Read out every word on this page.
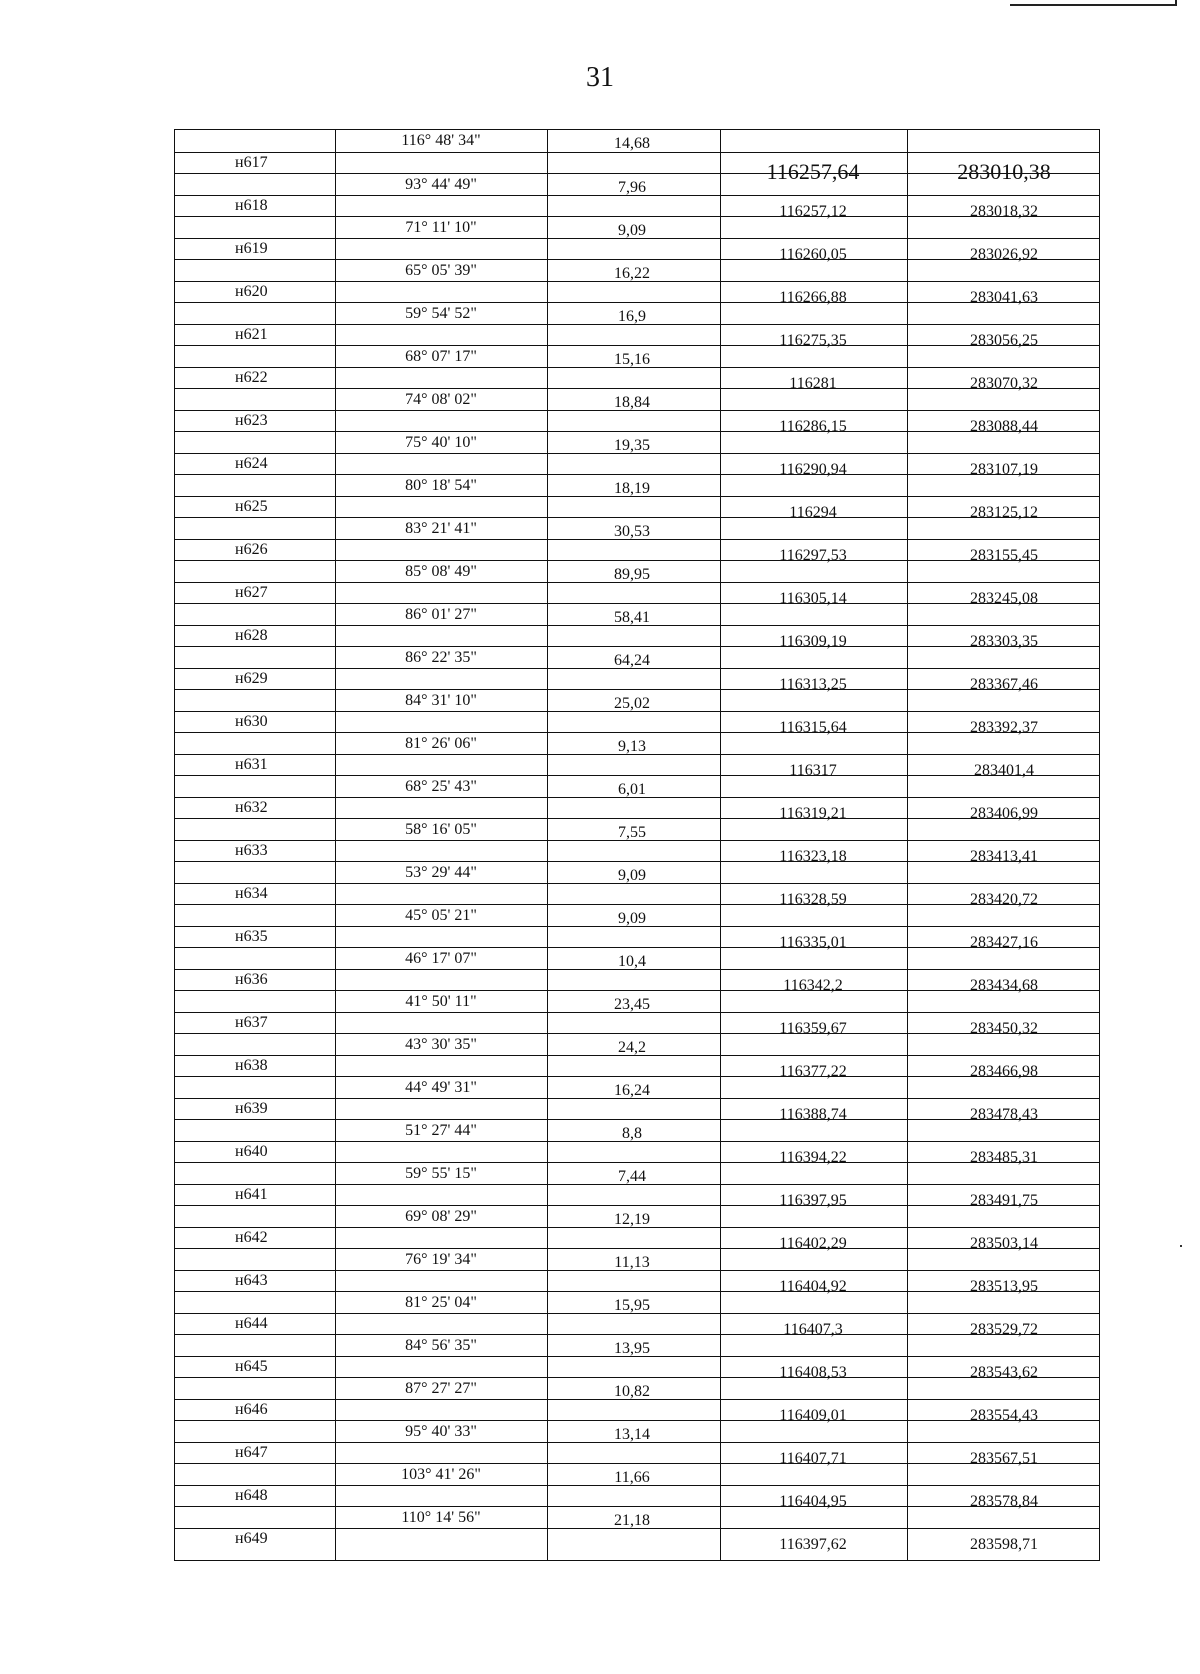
31
116° 48' 34"	14,68
н617	116257,64	283010,38
93° 44' 49"	7,96
н618	116257,12	283018,32
71° 11' 10"	9,09
н619	116260,05	283026,92
65° 05' 39"	16,22
н620	116266,88	283041,63
59° 54' 52"	16,9
н621	116275,35	283056,25
68° 07' 17"	15,16
н622	116281	283070,32
74° 08' 02"	18,84
н623	116286,15	283088,44
75° 40' 10"	19,35
н624	116290,94	283107,19
80° 18' 54"	18,19
н625	116294	283125,12
83° 21' 41"	30,53
н626	116297,53	283155,45
85° 08' 49"	89,95
н627	116305,14	283245,08
86° 01' 27"	58,41
н628	116309,19	283303,35
86° 22' 35"	64,24
н629	116313,25	283367,46
84° 31' 10"	25,02
н630	116315,64	283392,37
81° 26' 06"	9,13
н631	116317	283401,4
68° 25' 43"	6,01
н632	116319,21	283406,99
58° 16' 05"	7,55
н633	116323,18	283413,41
53° 29' 44"	9,09
н634	116328,59	283420,72
45° 05' 21"	9,09
н635	116335,01	283427,16
46° 17' 07"	10,4
н636	116342,2	283434,68
41° 50' 11"	23,45
н637	116359,67	283450,32
43° 30' 35"	24,2
н638	116377,22	283466,98
44° 49' 31"	16,24
н639	116388,74	283478,43
51° 27' 44"	8,8
н640	116394,22	283485,31
59° 55' 15"	7,44
н641	116397,95	283491,75
69° 08' 29"	12,19
н642	116402,29	283503,14
76° 19' 34"	11,13
н643	116404,92	283513,95
81° 25' 04"	15,95
н644	116407,3	283529,72
84° 56' 35"	13,95
н645	116408,53	283543,62
87° 27' 27"	10,82
н646	116409,01	283554,43
95° 40' 33"	13,14
н647	116407,71	283567,51
103° 41' 26"	11,66
н648	116404,95	283578,84
110° 14' 56"	21,18
н649	116397,62	283598,71
